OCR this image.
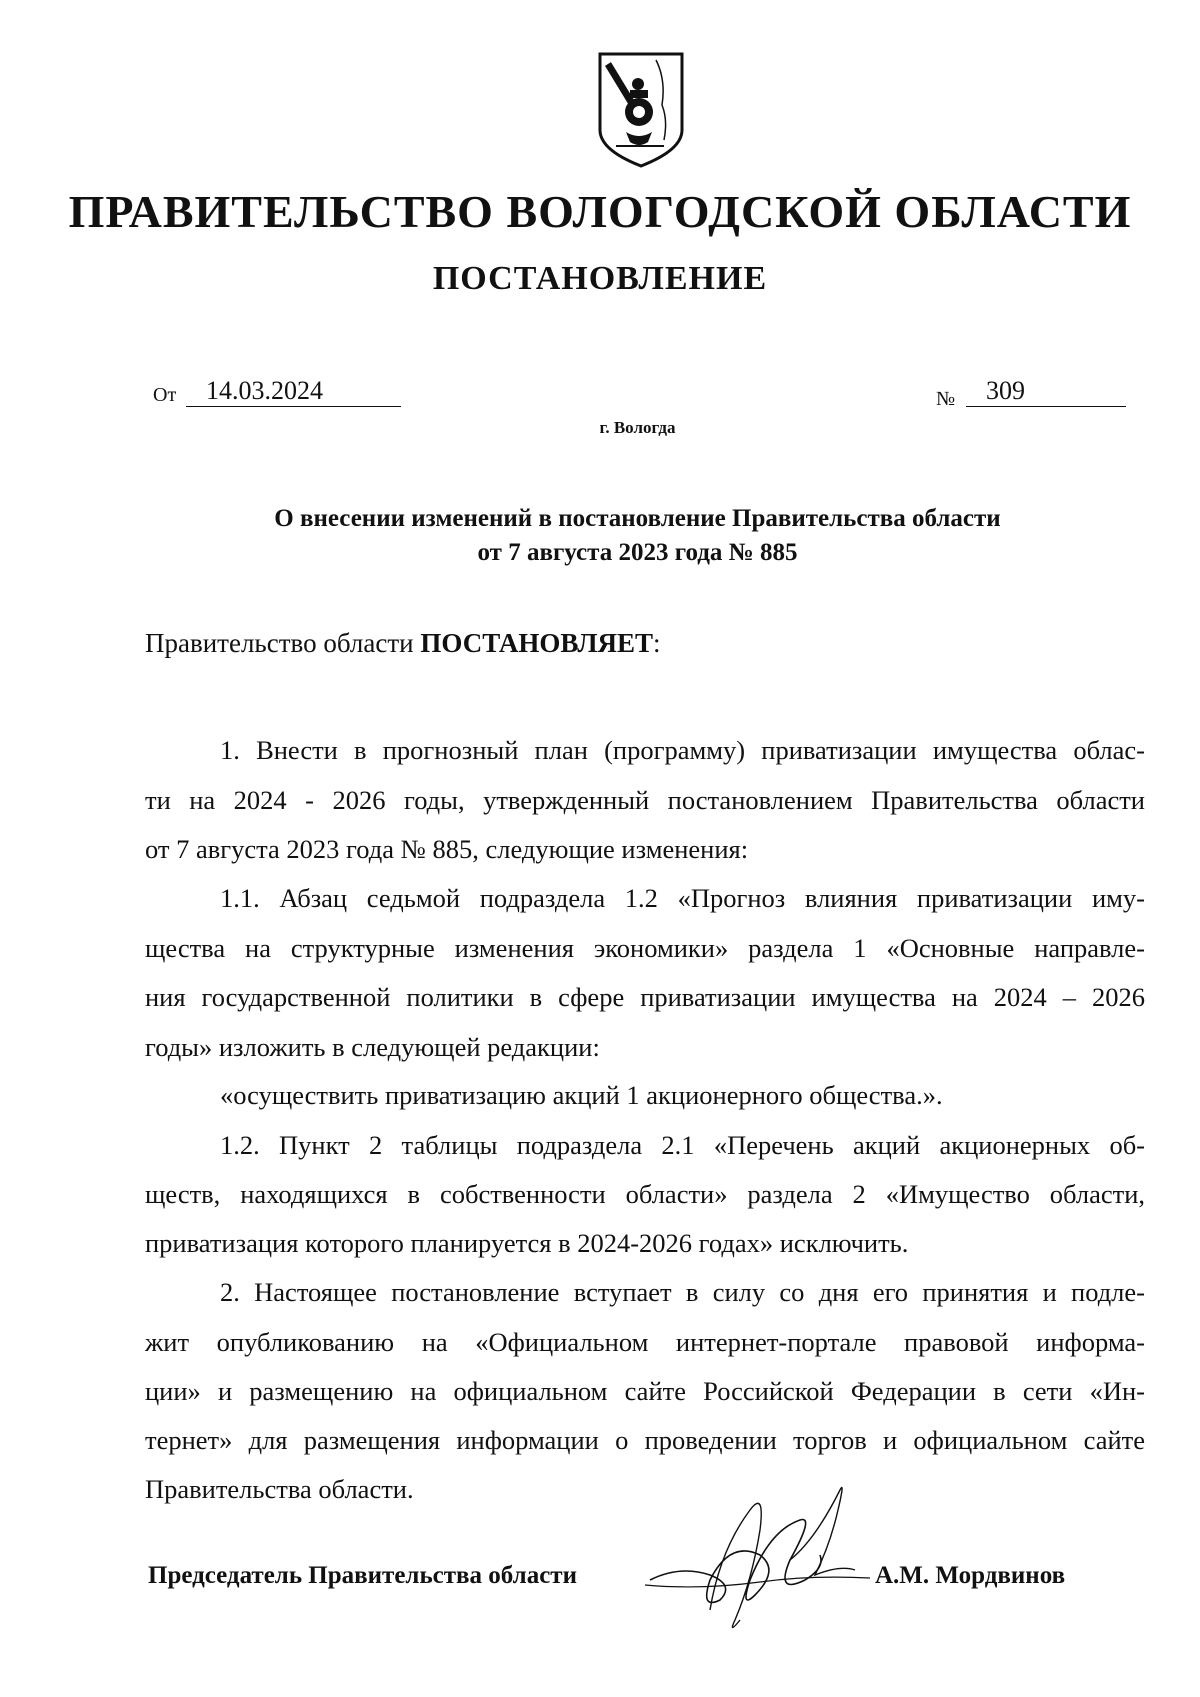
ПРАВИТЕЛЬСТВО ВОЛОГОДСКОЙ ОБЛАСТИ
ПОСТАНОВЛЕНИЕ
От	14.03.2024	№	309
г. Вологда
О внесении изменений в постановление Правительства области
от 7 августа 2023 года № 885
Правительство области ПОСТАНОВЛЯЕТ:
1. Внести в прогнозный план (программу) приватизации имущества облас-
ти на 2024 - 2026 годы, утвержденный постановлением Правительства области
от 7 августа 2023 года № 885, следующие изменения:
1.1. Абзац седьмой подраздела 1.2 «Прогноз влияния приватизации иму-
щества на структурные изменения экономики» раздела 1 «Основные направле-
ния государственной политики в сфере приватизации имущества на 2024 – 2026
годы» изложить в следующей редакции:
«осуществить приватизацию акций 1 акционерного общества.».
1.2. Пункт 2 таблицы подраздела 2.1 «Перечень акций акционерных об-
ществ, находящихся в собственности области» раздела 2 «Имущество области,
приватизация которого планируется в 2024-2026 годах» исключить.
2. Настоящее постановление вступает в силу со дня его принятия и подле-
жит опубликованию на «Официальном интернет-портале правовой информа-
ции» и размещению на официальном сайте Российской Федерации в сети «Ин-
тернет» для размещения информации о проведении торгов и официальном сайте
Правительства области.
Председатель Правительства области	А.М. Мордвинов
